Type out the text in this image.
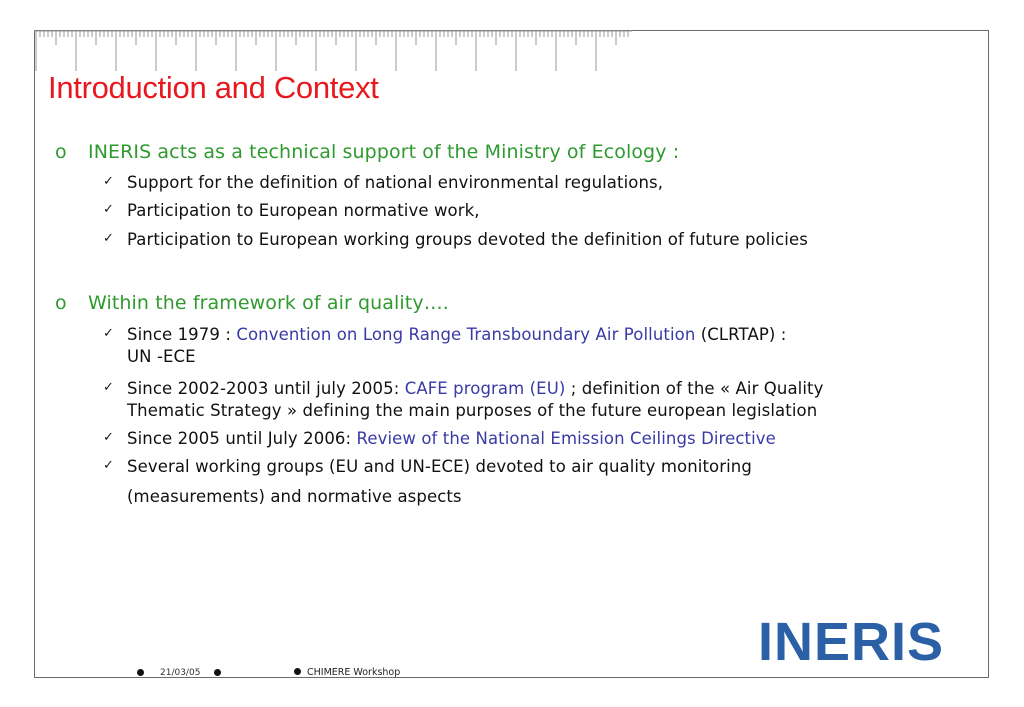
Introduction and Context
o INERIS acts as a technical support of the Ministry of Ecology :
✓ Support for the definition of national environmental regulations,
✓ Participation to European normative work,
✓ Participation to European working groups devoted the definition of future policies
o Within the framework of air quality….
✓ Since 1979 : Convention on Long Range Transboundary Air Pollution (CLRTAP) :
UN -ECE
✓ Since 2002-2003 until july 2005: CAFE program (EU) ; definition of the « Air Quality
Thematic Strategy » defining the main purposes of the future european legislation
✓ Since 2005 until July 2006: Review of the National Emission Ceilings Directive
✓ Several working groups (EU and UN-ECE) devoted to air quality monitoring
(measurements) and normative aspects
INERIS
21/03/05	CHIMERE Workshop
